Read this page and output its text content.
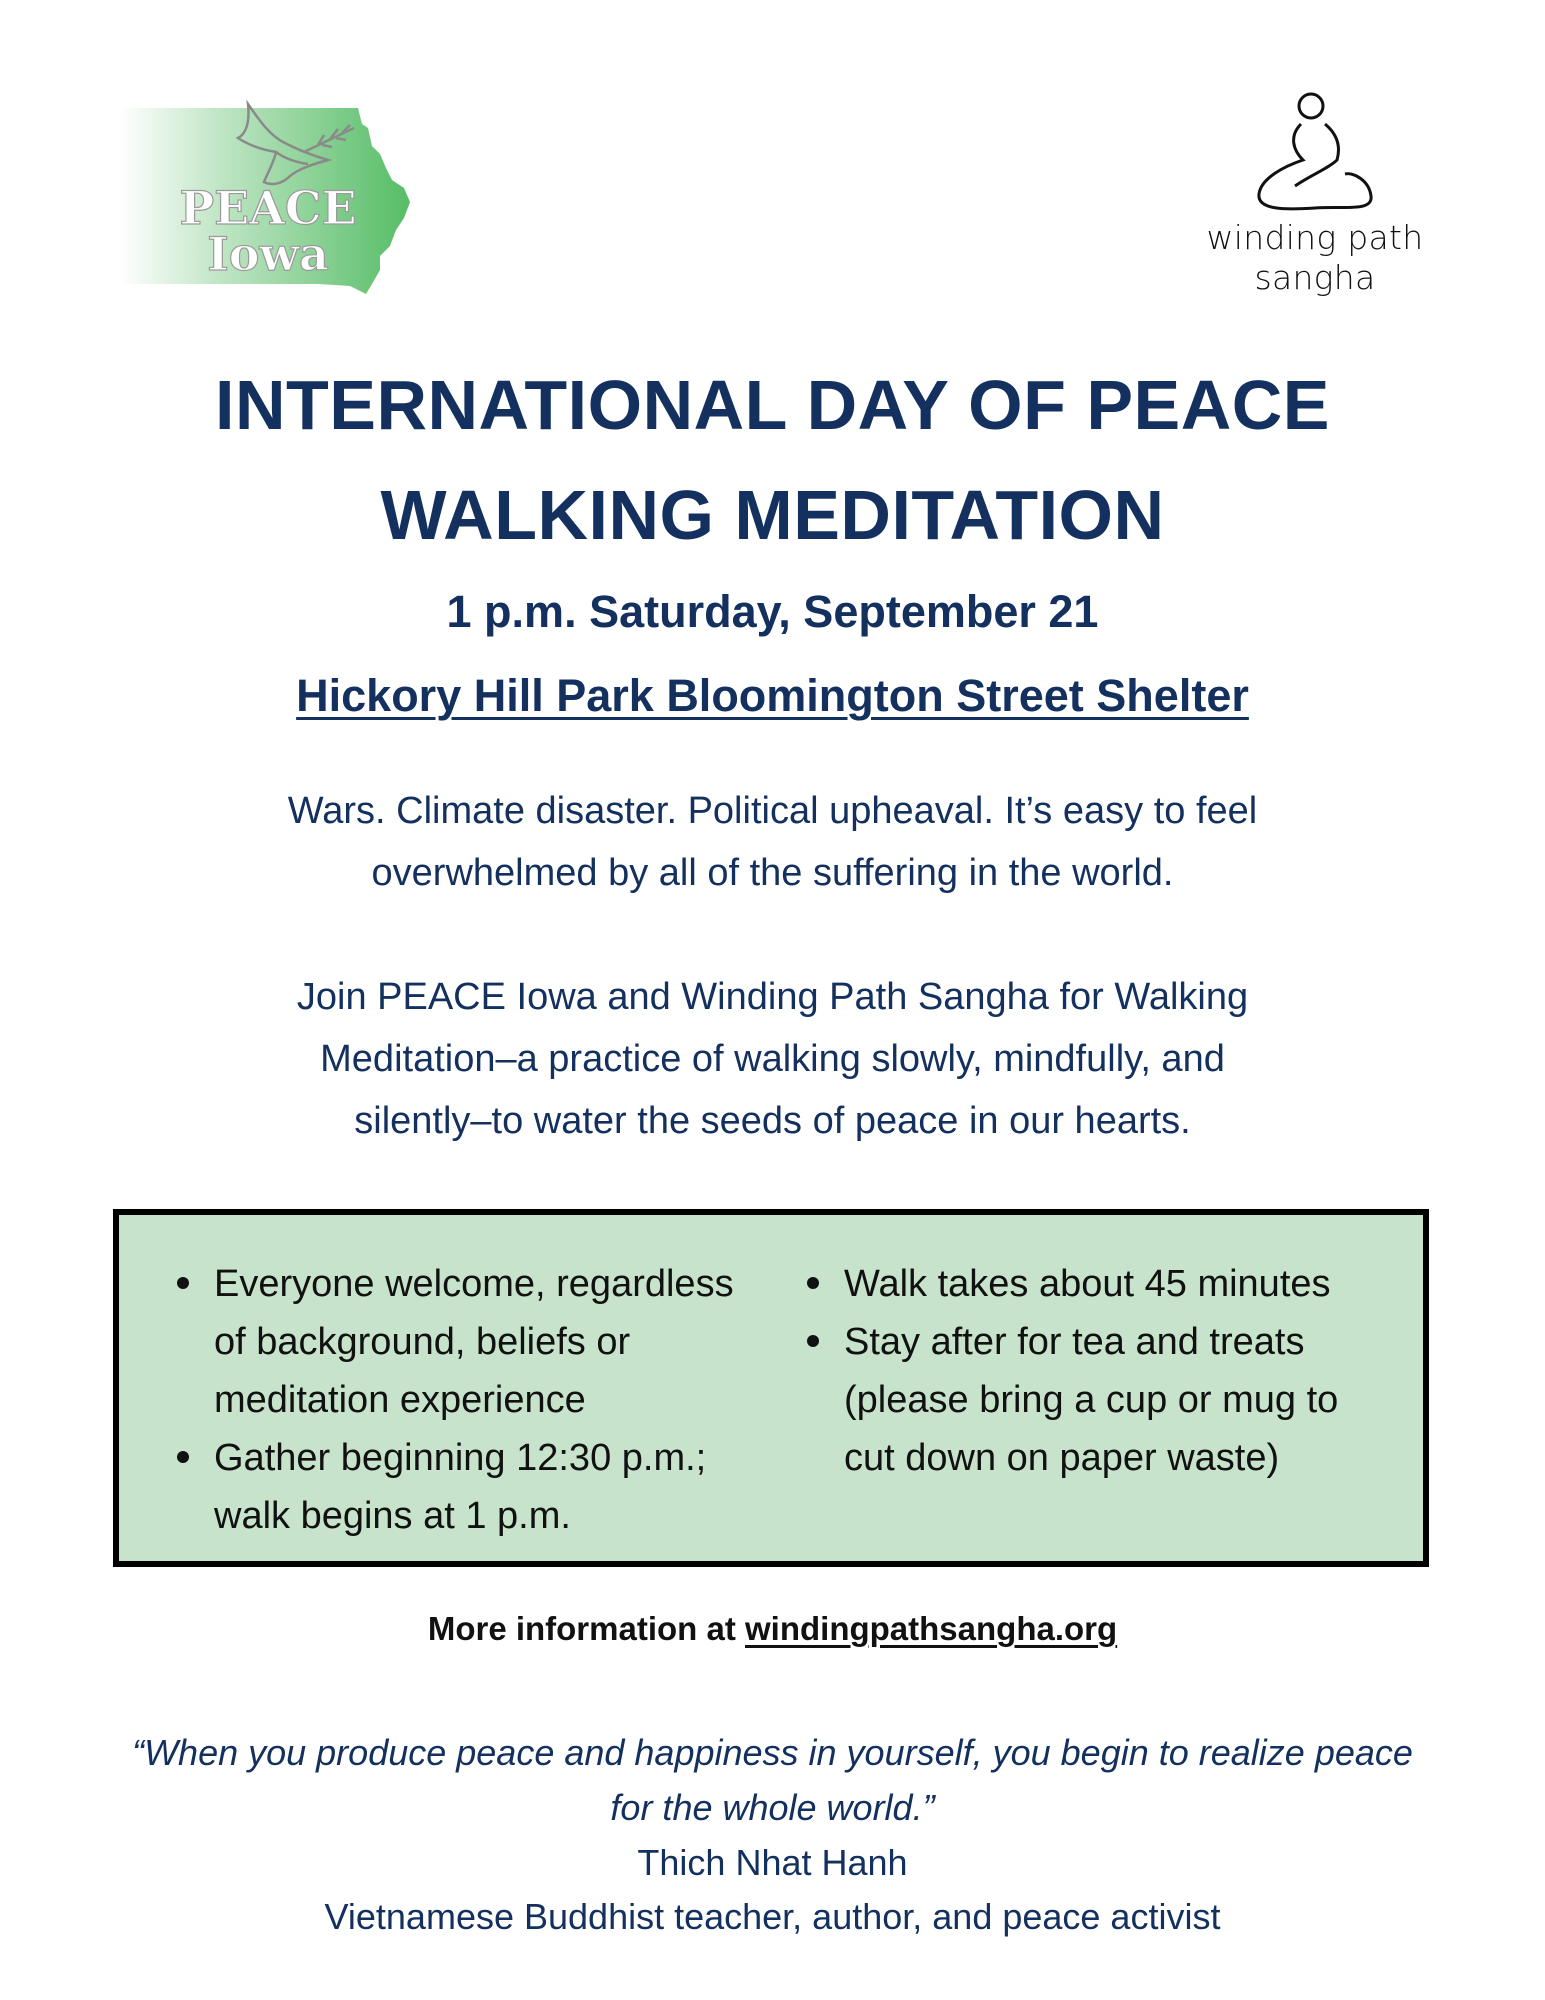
PEACE
Iowa	winding path
sangha
INTERNATIONAL DAY OF PEACE
WALKING MEDITATION
1 p.m. Saturday, September 21
Hickory Hill Park Bloomington Street Shelter
Wars. Climate disaster. Political upheaval. It’s easy to feel
overwhelmed by all of the suffering in the world.
Join PEACE Iowa and Winding Path Sangha for Walking
Meditation–a practice of walking slowly, mindfully, and
silently–to water the seeds of peace in our hearts.
Everyone welcome, regardless
of background, beliefs or
meditation experience
Gather beginning 12:30 p.m.;
walk begins at 1 p.m.
Walk takes about 45 minutes
Stay after for tea and treats
(please bring a cup or mug to
cut down on paper waste)
More information at windingpathsangha.org
“When you produce peace and happiness in yourself, you begin to realize peace
for the whole world.”
Thich Nhat Hanh
Vietnamese Buddhist teacher, author, and peace activist
